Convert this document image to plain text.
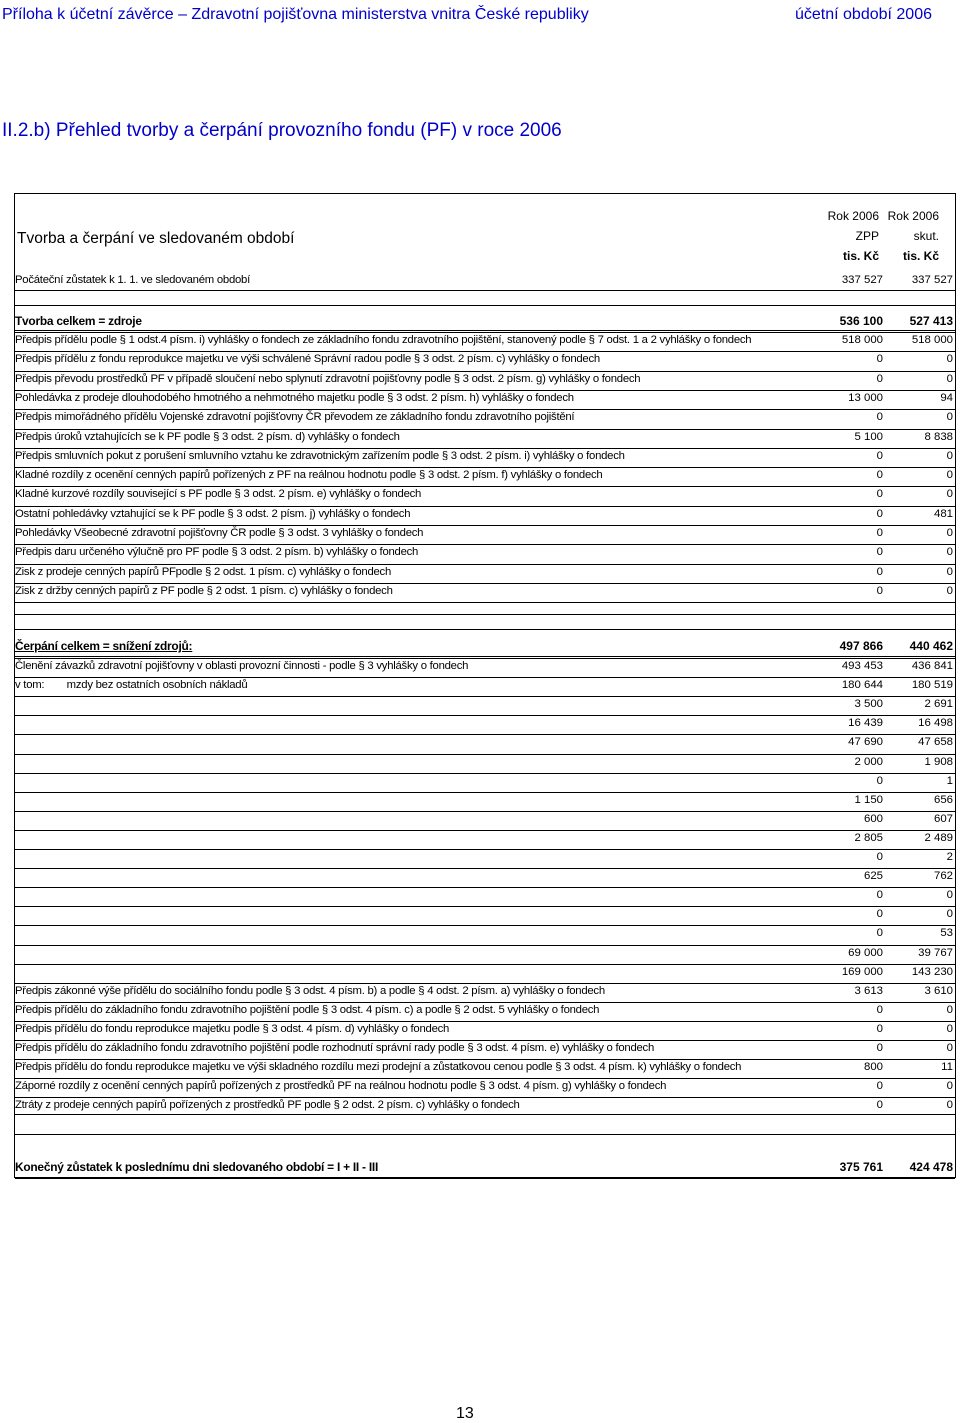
Příloha k účetní závěrce – Zdravotní pojišťovna ministerstva vnitra České republiky	účetní období 2006
II.2.b) Přehled tvorby a čerpání provozního fondu (PF) v roce 2006
Tvorba a čerpání ve sledovaném období
Rok 2006
ZPP
tis. Kč
Rok 2006
skut.
tis. Kč
Počáteční zůstatek k 1. 1. ve sledovaném období	337 527	337 527
Tvorba celkem = zdroje	536 100	527 413
Předpis přídělu podle § 1 odst.4 písm. i) vyhlášky o fondech ze základního fondu zdravotního pojištění, stanovený podle § 7 odst. 1 a 2 vyhlášky o fondech	518 000	518 000
Předpis přídělu z fondu reprodukce majetku ve výši schválené Správní radou podle § 3 odst. 2 písm. c) vyhlášky o fondech	0	0
Předpis převodu prostředků PF v případě sloučení nebo splynutí zdravotní pojišťovny podle § 3 odst. 2 písm. g) vyhlášky o fondech	0	0
Pohledávka z prodeje dlouhodobého hmotného a nehmotného majetku podle § 3 odst. 2 písm. h) vyhlášky o fondech	13 000	94
Předpis mimořádného přídělu Vojenské zdravotní pojišťovny ČR převodem ze základního fondu zdravotního pojištění	0	0
Předpis úroků vztahujících se k PF podle § 3 odst. 2 písm. d) vyhlášky o fondech	5 100	8 838
Předpis smluvních pokut z porušení smluvního vztahu ke zdravotnickým zařízením podle § 3 odst. 2 písm. i) vyhlášky o fondech	0	0
Kladné rozdíly z ocenění cenných papírů pořízených z PF na reálnou hodnotu podle § 3 odst. 2 písm. f) vyhlášky o fondech	0	0
Kladné kurzové rozdíly související s PF podle § 3 odst. 2 písm. e) vyhlášky o fondech	0	0
Ostatní pohledávky vztahující se k PF podle § 3 odst. 2 písm. j) vyhlášky o fondech	0	481
Pohledávky Všeobecné zdravotní pojišťovny ČR podle § 3 odst. 3 vyhlášky o fondech	0	0
Předpis daru určeného výlučně pro PF podle § 3 odst. 2 písm. b) vyhlášky o fondech	0	0
Zisk z prodeje cenných papírů PFpodle § 2 odst. 1 písm. c) vyhlášky o fondech	0	0
Zisk z držby cenných papírů z PF podle § 2 odst. 1 písm. c) vyhlášky o fondech	0	0
Čerpání celkem = snížení zdrojů:	497 866	440 462
Členění závazků zdravotní pojišťovny v oblasti provozní činnosti - podle § 3 vyhlášky o fondech	493 453	436 841
v tom: mzdy bez ostatních osobních nákladů	180 644	180 519
3 500	2 691
16 439	16 498
47 690	47 658
2 000	1 908
0	1
1 150	656
600	607
2 805	2 489
0	2
625	762
0	0
0	0
0	53
69 000	39 767
169 000	143 230
Předpis zákonné výše přídělu do sociálního fondu podle § 3 odst. 4 písm. b) a podle § 4 odst. 2 písm. a) vyhlášky o fondech	3 613	3 610
Předpis přídělu do základního fondu zdravotního pojištění podle § 3 odst. 4 písm. c) a podle § 2 odst. 5 vyhlášky o fondech	0	0
Předpis přídělu do fondu reprodukce majetku podle § 3 odst. 4 písm. d) vyhlášky o fondech	0	0
Předpis přídělu do základního fondu zdravotního pojištění podle rozhodnutí správní rady podle § 3 odst. 4 písm. e) vyhlášky o fondech	0	0
Předpis přídělu do fondu reprodukce majetku ve výši skladného rozdílu mezi prodejní a zůstatkovou cenou podle § 3 odst. 4 písm. k) vyhlášky o fondech	800	11
Záporné rozdíly z ocenění cenných papírů pořízených z prostředků PF na reálnou hodnotu podle § 3 odst. 4 písm. g) vyhlášky o fondech	0	0
Ztráty z prodeje cenných papírů pořízených z prostředků PF podle § 2 odst. 2 písm. c) vyhlášky o fondech	0	0
Konečný zůstatek k poslednímu dni sledovaného období = I + II - III	375 761	424 478
13
